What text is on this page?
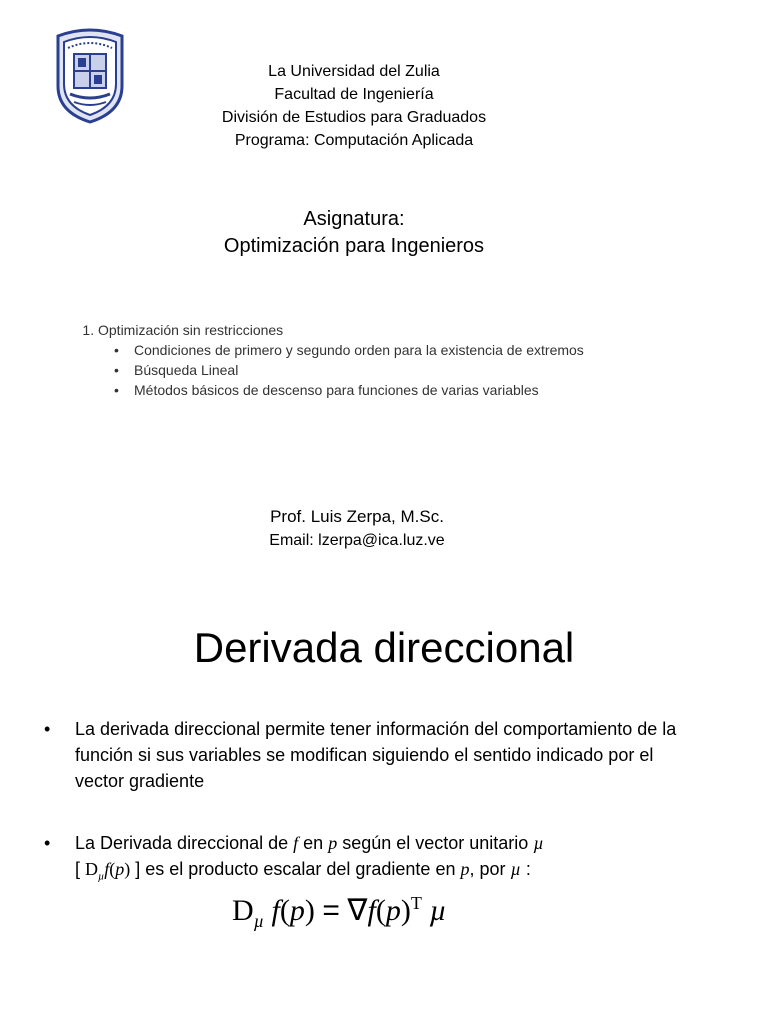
La Universidad del Zulia
Facultad de Ingeniería
División de Estudios para Graduados
Programa: Computación Aplicada
Asignatura:
Optimización para Ingenieros
1. Optimización sin restricciones
• Condiciones de primero y segundo orden para la existencia de extremos
• Búsqueda Lineal
• Métodos básicos de descenso para funciones de varias variables
Prof. Luis Zerpa, M.Sc.
Email: lzerpa@ica.luz.ve
Derivada direccional
• La derivada direccional permite tener información del comportamiento de la función si sus variables se modifican siguiendo el sentido indicado por el vector gradiente
• La Derivada direccional de f en p según el vector unitario µ
[ $D_\mu f(p)$ ] es el producto escalar del gradiente en p, por µ :
$D_\mu$ $f(p) = \nabla f(p)^T$ µ
